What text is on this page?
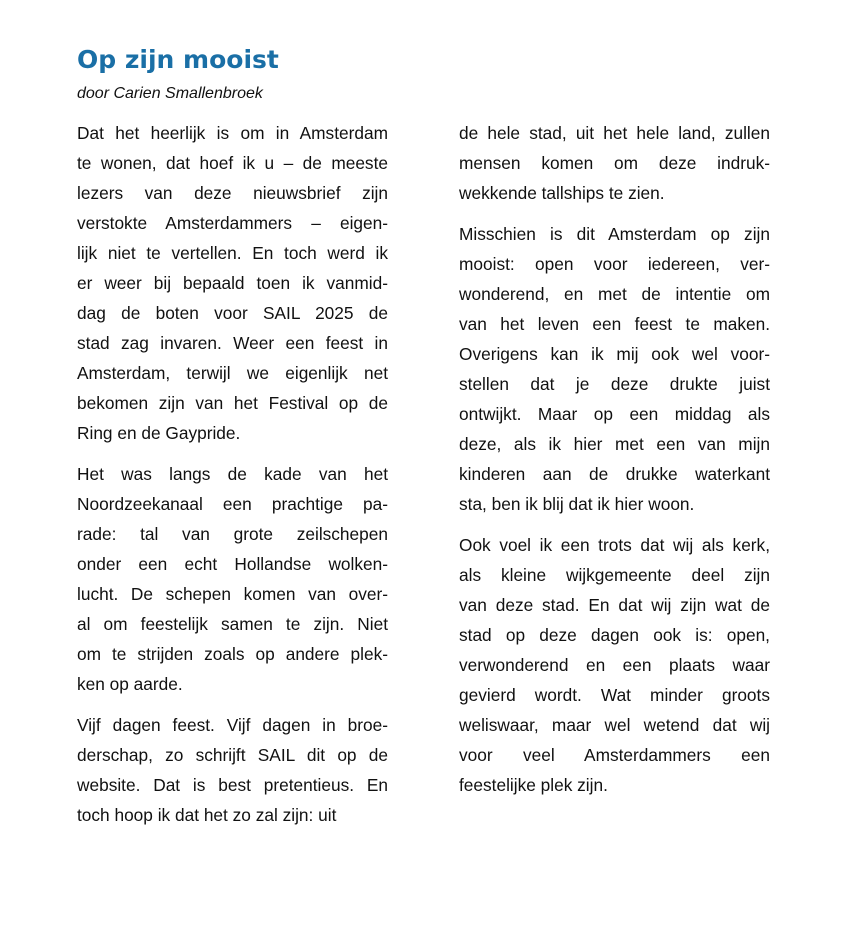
Op zijn mooist

door Carien Smallenbroek

Dat het heerlijk is om in Amsterdam
te wonen, dat hoef ik u – de meeste
lezers van deze nieuwsbrief zijn
verstokte Amsterdammers – eigen-
lijk niet te vertellen. En toch werd ik
er weer bij bepaald toen ik vanmid-
dag de boten voor SAIL 2025 de
stad zag invaren. Weer een feest in
Amsterdam, terwijl we eigenlijk net
bekomen zijn van het Festival op de
Ring en de Gaypride.
Het was langs de kade van het
Noordzeekanaal een prachtige pa-
rade: tal van grote zeilschepen
onder een echt Hollandse wolken-
lucht. De schepen komen van over-
al om feestelijk samen te zijn. Niet
om te strijden zoals op andere plek-
ken op aarde.
Vijf dagen feest. Vijf dagen in broe-
derschap, zo schrijft SAIL dit op de
website. Dat is best pretentieus. En
toch hoop ik dat het zo zal zijn: uit
de hele stad, uit het hele land, zullen
mensen komen om deze indruk-
wekkende tallships te zien.
Misschien is dit Amsterdam op zijn
mooist: open voor iedereen, ver-
wonderend, en met de intentie om
van het leven een feest te maken.
Overigens kan ik mij ook wel voor-
stellen dat je deze drukte juist
ontwijkt. Maar op een middag als
deze, als ik hier met een van mijn
kinderen aan de drukke waterkant
sta, ben ik blij dat ik hier woon.
Ook voel ik een trots dat wij als kerk,
als kleine wijkgemeente deel zijn
van deze stad. En dat wij zijn wat de
stad op deze dagen ook is: open,
verwonderend en een plaats waar
gevierd wordt. Wat minder groots
weliswaar, maar wel wetend dat wij
voor veel Amsterdammers een
feestelijke plek zijn.
